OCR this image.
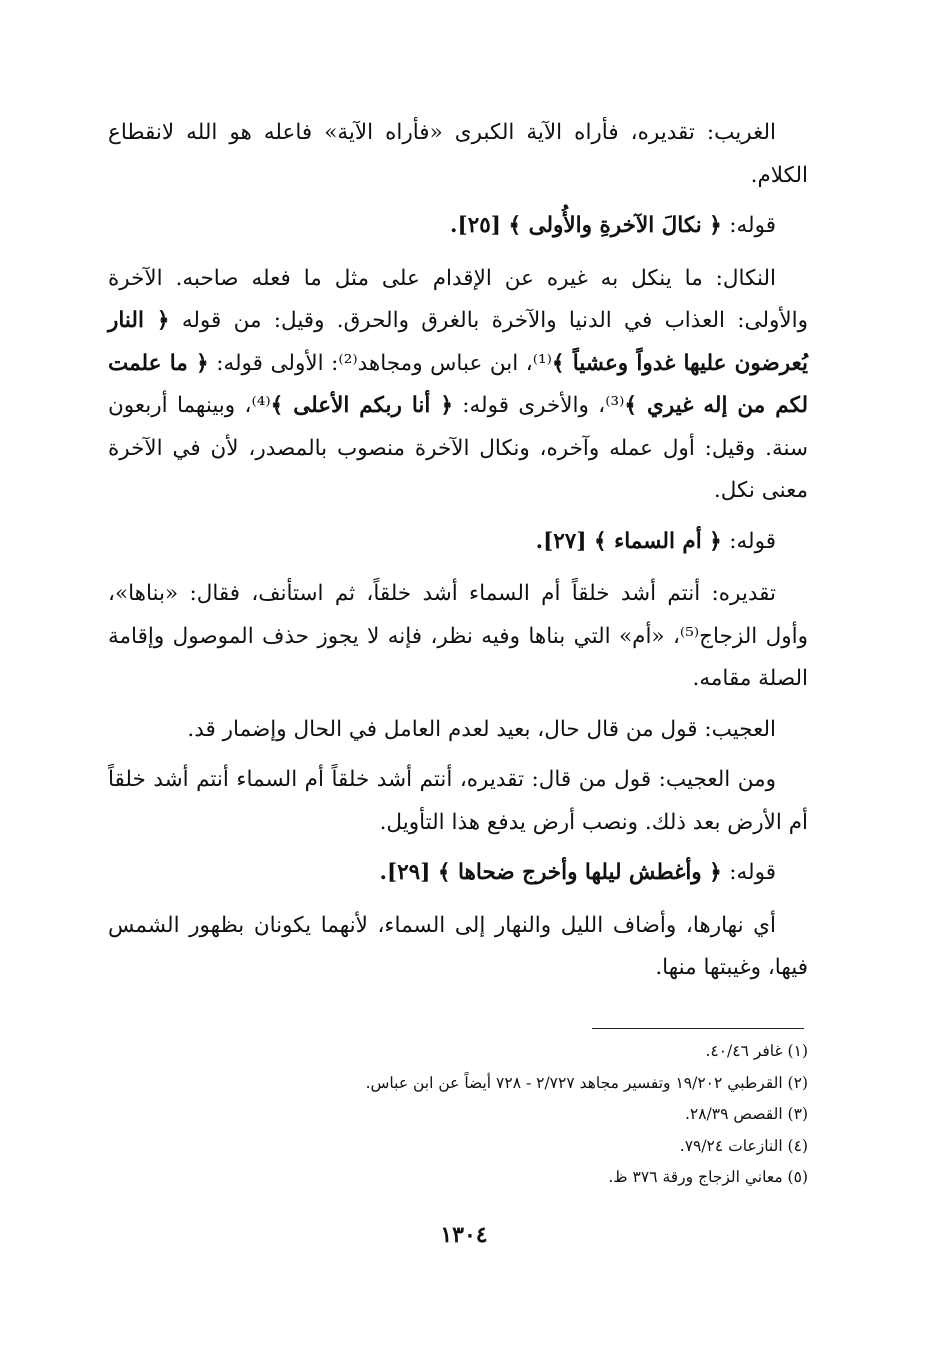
الغريب: تقديره، فأراه الآية الكبرى «فأراه الآية» فاعله هو الله لانقطاع الكلام.

قوله: ﴿ نكالَ الآخرةِ والأُولى ﴾ [٢٥].

النكال: ما ينكل به غيره عن الإقدام على مثل ما فعله صاحبه. الآخرة والأولى: العذاب في الدنيا والآخرة بالغرق والحرق. وقيل: من قوله ﴿ النار يُعرضون عليها غدواً وعشياً ﴾⁽¹⁾، ابن عباس ومجاهد⁽²⁾: الأولى قوله: ﴿ ما علمت لكم من إله غيري ﴾⁽³⁾، والأخرى قوله: ﴿ أنا ربكم الأعلى ﴾⁽⁴⁾، وبينهما أربعون سنة. وقيل: أول عمله وآخره، ونكال الآخرة منصوب بالمصدر، لأن في الآخرة معنى نكل.

قوله: ﴿ أم السماء ﴾ [٢٧].

تقديره: أنتم أشد خلقاً أم السماء أشد خلقاً، ثم استأنف، فقال: «بناها»، وأول الزجاج⁽⁵⁾، «أم» التي بناها وفيه نظر، فإنه لا يجوز حذف الموصول وإقامة الصلة مقامه.

العجيب: قول من قال حال، بعيد لعدم العامل في الحال وإضمار قد.

ومن العجيب: قول من قال: تقديره، أنتم أشد خلقاً أم السماء أنتم أشد خلقاً أم الأرض بعد ذلك. ونصب أرض يدفع هذا التأويل.

قوله: ﴿ وأغطش ليلها وأخرج ضحاها ﴾ [٢٩].

أي نهارها، وأضاف الليل والنهار إلى السماء، لأنهما يكونان بظهور الشمس فيها، وغيبتها منها.

(١) غافر ٤٠/٤٦.

(٢) القرطبي ١٩/٢٠٢ وتفسير مجاهد ٢/٧٢٧ - ٧٢٨ أيضاً عن ابن عباس.

(٣) القصص ٢٨/٣٩.

(٤) النازعات ٧٩/٢٤.

(٥) معاني الزجاج ورقة ٣٧٦ ظ.

١٣٠٤
